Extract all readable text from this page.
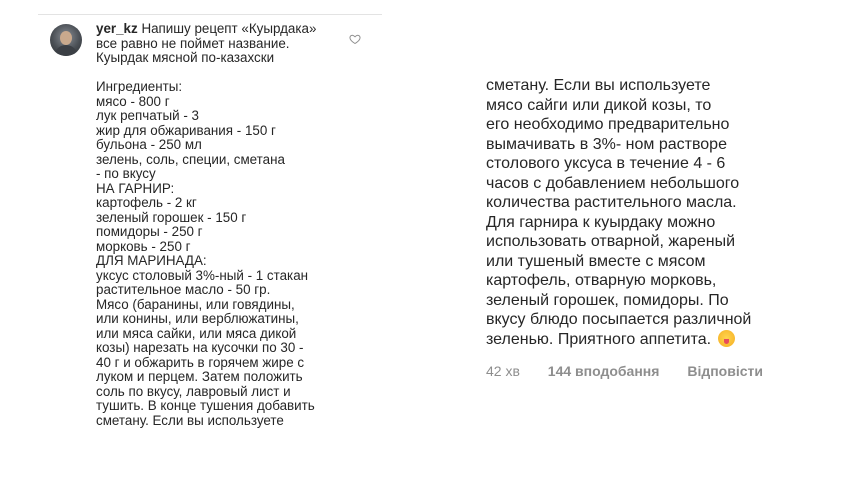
yer_kz Напишу рецепт «Куырдака»
все равно не поймет название.
Куырдак мясной по-казахски
Ингредиенты:
мясо - 800 г
лук репчатый - 3
жир для обжаривания - 150 г
бульона - 250 мл
зелень, соль, специи, сметана
- по вкусу
НА ГАРНИР:
картофель - 2 кг
зеленый горошек - 150 г
помидоры - 250 г
морковь - 250 г
ДЛЯ МАРИНАДА:
уксус столовый 3%-ный - 1 стакан
растительное масло - 50 гр.
Мясо (баранины, или говядины,
или конины, или верблюжатины,
или мяса сайки, или мяса дикой
козы) нарезать на кусочки по 30 -
40 г и обжарить в горячем жире с
луком и перцем. Затем положить
соль по вкусу, лавровый лист и
тушить. В конце тушения добавить
сметану. Если вы используете
сметану. Если вы используете
мясо сайги или дикой козы, то
его необходимо предварительно
вымачивать в 3%- ном растворе
столового уксуса в течение 4 - 6
часов с добавлением небольшого
количества растительного масла.
Для гарнира к куырдаку можно
использовать отварной, жареный
или тушеный вместе с мясом
картофель, отварную морковь,
зеленый горошек, помидоры. По
вкусу блюдо посыпается различной
зеленью. Приятного аппетита.
42 хв 144 вподобання Відповісти
